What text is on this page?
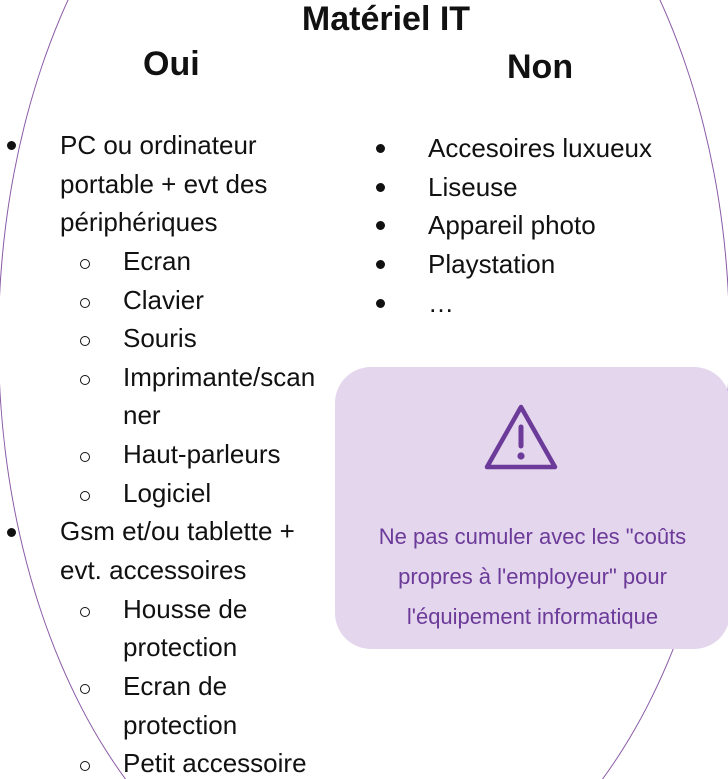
Matériel IT
Oui	Non
PC ou ordinateur
portable + evt des
périphériques
Ecran
Clavier
Souris
Imprimante/scan
ner
Haut-parleurs
Logiciel
Gsm et/ou tablette +
evt. accessoires
Housse de
protection
Ecran de
protection
Petit accessoire
Accesoires luxueux
Liseuse
Appareil photo
Playstation
…
Ne pas cumuler avec les "coûts
propres à l'employeur" pour
l'équipement informatique
